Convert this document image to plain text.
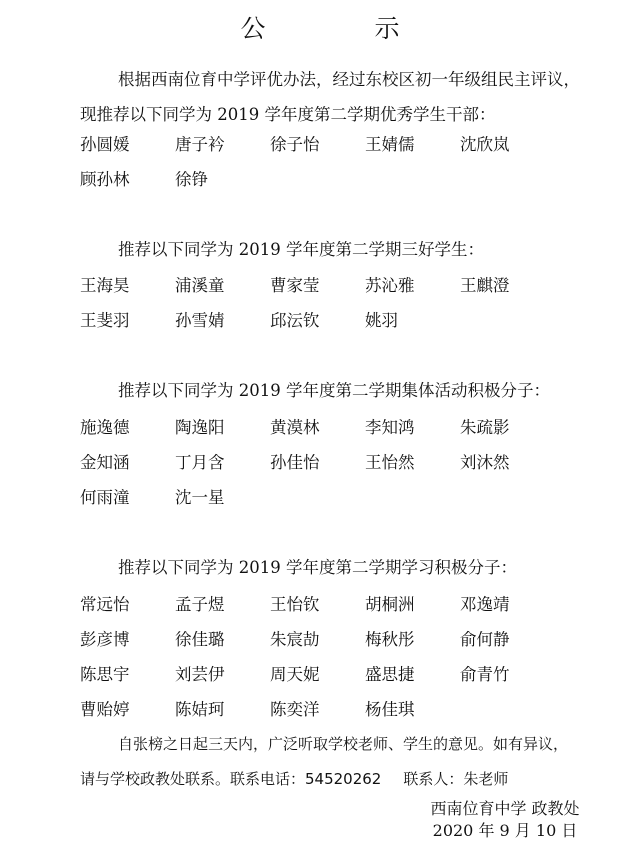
公　示

根据西南位育中学评优办法，经过东校区初一年级组民主评议，现推荐以下同学为 2019 学年度第二学期优秀学生干部：

孙圆媛	唐子衿	徐子怡	王婧儒	沈欣岚
顾孙林	徐铮

推荐以下同学为 2019 学年度第二学期三好学生：

王海昊	浦溪童	曹家莹	苏沁雅	王麒澄
王斐羽	孙雪婧	邱沄钦	姚羽

推荐以下同学为 2019 学年度第二学期集体活动积极分子：

施逸德	陶逸阳	黄漠林	李知鸿	朱疏影
金知涵	丁月含	孙佳怡	王怡然	刘沐然
何雨潼	沈一星

推荐以下同学为 2019 学年度第二学期学习积极分子：

常远怡	孟子煜	王怡钦	胡桐洲	邓逸靖
彭彦博	徐佳璐	朱宸劼	梅秋彤	俞何静
陈思宇	刘芸伊	周天妮	盛思捷	俞青竹
曹贻婷	陈姞珂	陈奕洋	杨佳琪
自张榜之日起三天内，广泛听取学校老师、学生的意见。如有异议，
请与学校政教处联系。联系电话：54520262 联系人：朱老师
西南位育中学 政教处
2020 年 9 月 10 日
